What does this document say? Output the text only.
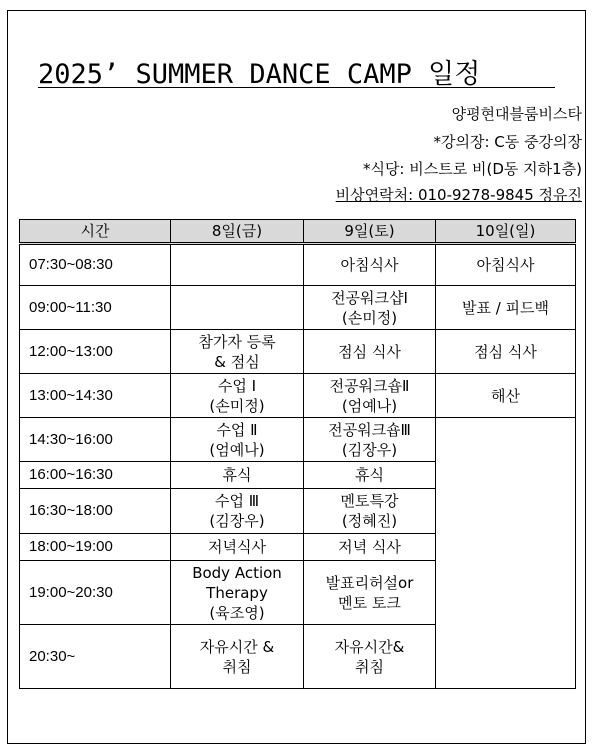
2025’ SUMMER DANCE CAMP 일정
양평현대블룸비스타
*강의장: C동 중강의장
*식당: 비스트로 비(D동 지하1층)
비상연락처: 010-9278-9845 정유진
시간	8일(금)	9일(토)	10일(일)
07:30~08:30		아침식사	아침식사
09:00~11:30		전공워크샵I
(손미정)	발표 / 피드백
12:00~13:00	참가자 등록
& 점심	점심 식사	점심 식사
13:00~14:30	수업 I
(손미정)	전공워크숍Ⅱ
(엄예나)	해산
14:30~16:00	수업 Ⅱ
(엄예나)	전공워크숍Ⅲ
(김장우)	
16:00~16:30	휴식	휴식	
16:30~18:00	수업 Ⅲ
(김장우)	멘토특강
(정혜진)	
18:00~19:00	저녁식사	저녁 식사	
19:00~20:30	Body Action
Therapy
(육조영)	발표리허설or
멘토 토크	
20:30~	자유시간 &
취침	자유시간&
취침	
